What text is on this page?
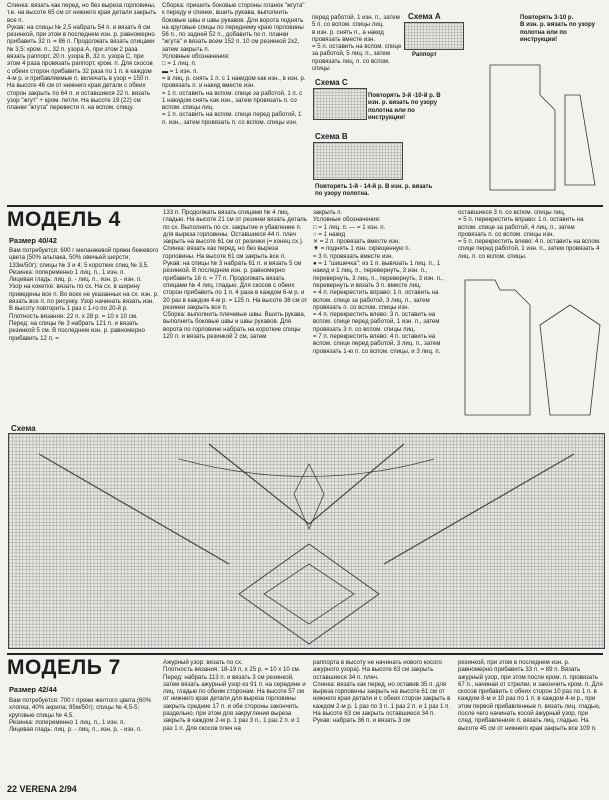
Спинка: вязать как перед, но без выреза горловины, т.е. на высоте 65 см от нижнего края детали закрыть все п.
Рукав: на спицы № 2,5 набрать 54 п. и вязать 6 см резинкой, при этом в последнем изн. р. равномерно прибавить 32 п. = 86 п. Продолжать вязать спицами № 3,5: кром. п., 32 п. узора А, при этом 2 раза вязать раппорт, 20 п. узора В, 32 п. узора С, при этом 4 раза провязать раппорт, кром. п. Для скосов с обеих сторон прибавить 32 раза по 1 п. в каждом 4-м р. и прибавляемые п. включать в узор = 150 п. На высоте 46 см от нижнего края детали с обеих сторон закрыть по 64 п. и оставшиеся 22 п. вязать узор "жгут" + кром. петли. На высоте 19 (22) см планки "жгута" перевести п. на вспом. спицу.
Сборка: пришить боковые стороны планок "жгута" к переду и спинке, вшить рукава, выполнить боковые швы и швы рукавов. Для ворота поднять на круговые спицы по переднему краю горловины 56 п., по задней 52 п., добавить по п. планки "жгута" и вязать всем 152 п. 10 см резинкой 2х2, затем закрыть п.
Условные обозначения:
□ = 1 лиц. п.
▬ = 1 изн. п.
= в лиц. р. снять 1 п. с 1 накидом как изн., в изн. р. провязать п. и накид вместе изн.
= 1 п. оставить на вспом. спице за работой, 1 п. с 1 накидом снять как изн., затем провязать п. со вспом. спицы лиц.
= 1 п. оставить на вспом. спице перед работой, 1 п. изн., затем провязать п. со вспом. спицы изн.
перед работой, 1 изн. п., затем 5 п. со вспом. спицы лиц.
в изн. р. снять п., а накид провязать вместе изн.
= 5 п. оставить на вспом. спице за работой, 5 лиц. п., затем провязать лиц. п. со вспом. спицы
Схема А
Раппорт
Повторять 3-10 р.
В изн. р. вязать по узору полотна или по инструкции!
Схема С
Повторять 3-й -10-й р. В изн. р. вязать по узору полотна или по инструкции!
Схема В
Повторять 1-й - 14-й р. В изн. р. вязать по узору полотна.
МОДЕЛЬ 4
Размер 40/42
Вам потребуется: 600 г меланжевой пряжи бежевого цвета (50% альпака, 50% овечьей шерсти; 133м/50г); спицы № 3 и 4; 5 коротких спиц № 3,5.
Резинка: попеременно 1 лиц. п., 1 изн. п.
Лицевая гладь: лиц. р. - лиц. п., изн. р. - изн. п.
Узор на кокетке: вязать по сх. На сх. в ширину приведены все п. Во всех не указанных на сх. изн. р. вязать все п. по рисунку. Узор начинать вязать изн. В высоту повторить 1 раз с 1-го по 20-й р.
Плотность вязания: 22 п. х 28 р. = 10 х 10 см.
Перед: на спицы № 3 набрать 121 п. и вязать резинкой 5 см. В последнем изн. р. равномерно прибавить 12 п. =
133 п. Продолжать вязать спицами № 4 лиц. гладью. На высоте 21 см от резинки вязать деталь по сх. Выполнить по сх. закрытие и убавление п. для выреза горловины. Оставшиеся 44 п. плеч закрыть на высоте 61 см от резинки (= конец сх.).
Спинка: вязать как перед, но без выреза горловины. На высоте 61 см закрыть все п.
Рукав: на спицы № 3 набрать 61 п. и вязать 5 см резинкой. В последнем изн. р. равномерно прибавить 16 п. = 77 п. Продолжать вязать спицами № 4 лиц. гладью. Для скосов с обеих сторон прибавить по 1 п. 4 раза в каждом 6-м р. и 20 раз в каждом 4-м р. = 125 п. На высоте 38 см от резинки закрыть все п.
Сборка: выполнить плечевые швы. Вшить рукава, выполнить боковые швы и швы рукавов. Для ворота по горловине набрать на короткие спицы 120 п. и вязать резинкой 2 см, затем
закрыть п.
Условные обозначения:
□ = 1 лиц. п. — = 1 изн. п.
○ = 1 накид
✕ = 2 п. провязать вместе изн.
▼ = поднять 1 изн. скрещенную п.
= 3 п. провязать вместе изн.
● = 1 "шишечка": из 1 п. вывязать 1 лиц. п., 1 накид и 1 лиц. п., перевернуть, 3 изн. п., перевернуть, 3 лиц. п., перевернуть, 3 изн. п., перевернуть и вязать 3 п. вместе лиц.
= 4 п. перекрестить вправо: 1 п. оставить на вспом. спице за работой, 3 лиц. п., затем провязать п. со вспом. спицы изн.
= 4 п. перекрестить влево: 3 п. оставить на вспом. спице перед работой, 1 изн. п., затем провязать 3 п. со вспом. спицы лиц.
= 7 п. перекрестить влево: 4 п. оставить на вспом. спице перед работой, 3 лиц. п., затем провязать 1-ю п. со вспом. спицы, и 3 лиц. п.
оставшиеся 3 п. со вспом. спицы лиц.
= 5 п. перекрестить вправо: 1 п. оставить на вспом. спице за работой, 4 лиц. п., затем провязать п. со вспом. спицы изн.
= 5 п. перекрестить влево: 4 п. оставить на вспом. спице перед работой, 1 изн. п., затем провязать 4 лиц. п. со вспом. спицы.
Схема
МОДЕЛЬ 7
Размер 42/44
Вам потребуется: 700 г пряжи желтого цвета (60% хлопка, 40% акрила; 85м/50г); спицы № 4,5-5; круговые спицы № 4,5.
Резинка: попеременно 1 лиц. п., 1 изн. п.
Лицевая гладь: лиц. р. - лиц. п., изн. р. - изн. п.
Ажурный узор: вязать по сх.
Плотность вязания: 18-19 п. х 25 р. = 10 х 10 см.
Перед: набрать 113 п. и вязать 3 см резинкой, затем вязать ажурный узор из 91 п. на середине и лиц. гладью по обеим сторонам. На высоте 57 см от нижнего края детали для выреза горловины закрыть средние 17 п. и обе стороны закончить раздельно, при этом для закругления выреза закрыть в каждом 2-м р. 1 раз 3 п., 1 раз 2 п. и 1 раз 1 п. Для скосов плеч на
раппорта в высоту не начинать нового косого ажурного узора). На высоте 63 см закрыть оставшиеся 34 п. плеч.
Спинка: вязать как перед, но оставив 35 п. для выреза горловины закрыть на высоте 61 см от нижнего края детали и с обеих сторон закрыть в каждом 2-м р. 1 раз по 3 п. 1 раз 2 п. и 1 раз 1 п. На высоте 63 см закрыть оставшиеся 34 п.
Рукав: набрать 36 п. и вязать 3 см
резинкой, при этом в последнем изн. р. равномерно прибавить 33 п. = 89 п. Вязать ажурный узор, при этом после кром. п. провязать 67 п., начиная от стрелки, и закончить кром. п. Для скосов прибавить с обеих сторон 10 раз по 1 п. в каждом 8-м и 10 раз по 1 п. в каждом 4-м р., при этом первой прибавленные п. вязать лиц. гладью, после чего начинать косой ажурный узор, при след. прибавлениях п. вязать лиц. гладью. На высоте 45 см от нижнего края закрыть все 109 п.
22 VERENA 2/94
